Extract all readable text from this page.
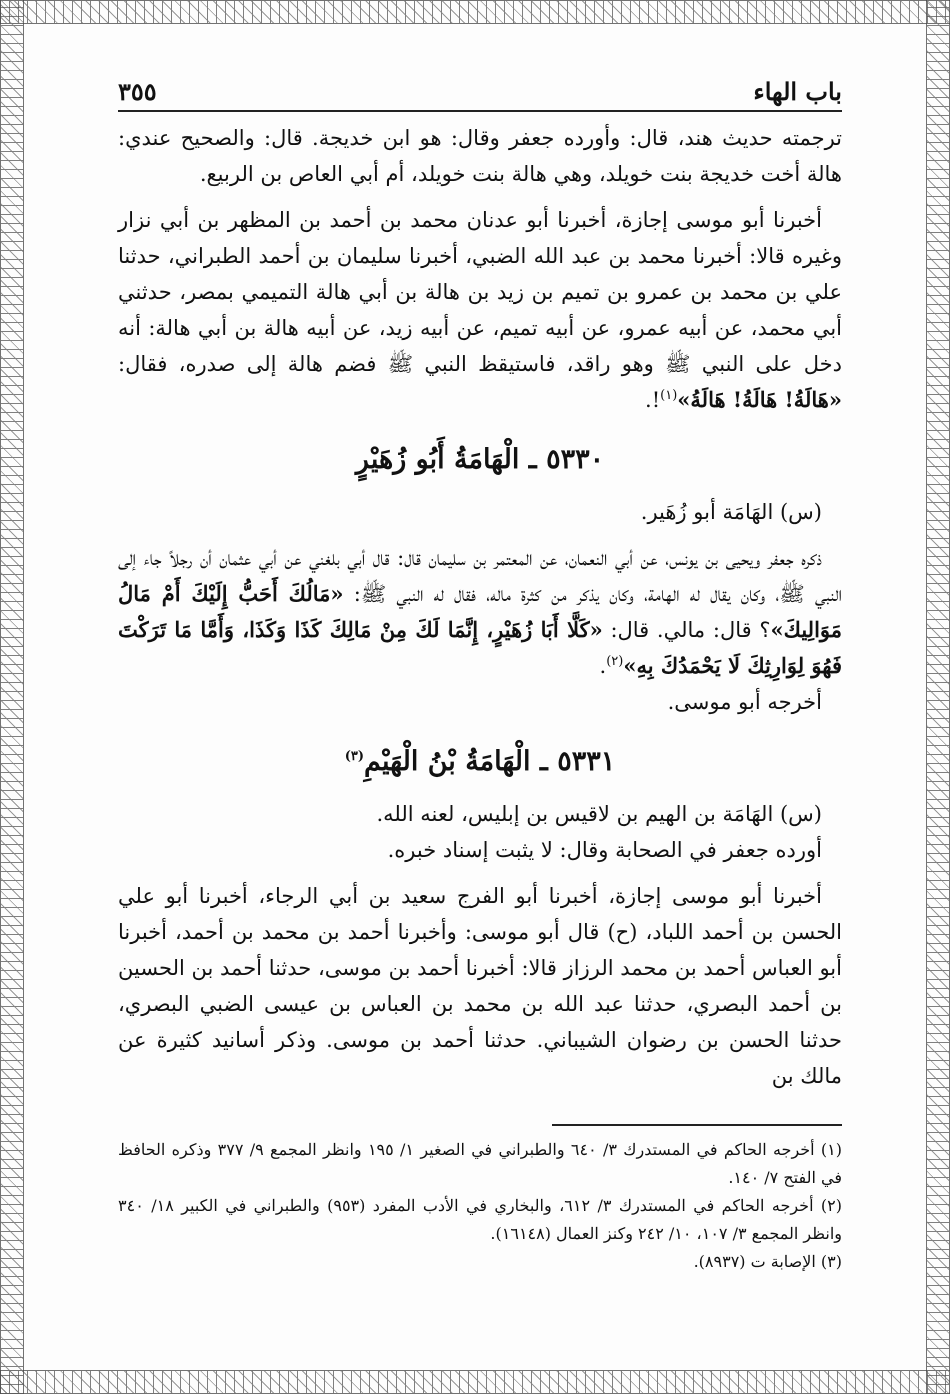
باب الهاء
٣٥٥

ترجمته حديث هند، قال: وأورده جعفر وقال: هو ابن خديجة. قال: والصحيح عندي: هالة أخت خديجة بنت خويلد، وهي هالة بنت خويلد، أم أبي العاص بن الربيع.

أخبرنا أبو موسى إجازة، أخبرنا أبو عدنان محمد بن أحمد بن المظهر بن أبي نزار وغيره قالا: أخبرنا محمد بن عبد الله الضبي، أخبرنا سليمان بن أحمد الطبراني، حدثنا علي بن محمد بن عمرو بن تميم بن زيد بن هالة بن أبي هالة التميمي بمصر، حدثني أبي محمد، عن أبيه عمرو، عن أبيه تميم، عن أبيه زيد، عن أبيه هالة بن أبي هالة: أنه دخل على النبي ﷺ وهو راقد، فاستيقظ النبي ﷺ فضم هالة إلى صدره، فقال: «هَالَةُ! هَالَةُ! هَالَةُ»$^{(١)}$!.

٥٣٣٠ ـ الْهَامَةُ أَبُو زُهَيْرٍ

(س) الهَامَة أبو زُهَير.

ذكره جعفر ويحيى بن يونس، عن أبي النعمان، عن المعتمر بن سليمان قال: قال أبي بلغني عن أبي عثمان أن رجلاً جاء إلى النبي ﷺ، وكان يقال له الهامة، وكان يذكر من كثرة ماله، فقال له النبي ﷺ: «مَالُكَ أَحَبُّ إِلَيْكَ أَمْ مَالُ مَوَالِيكَ»؟ قال: مالي. قال: «كَلَّا أَبَا زُهَيْرٍ، إِنَّمَا لَكَ مِنْ مَالِكَ كَذَا وَكَذَا، وَأَمَّا مَا تَرَكْتَ فَهُوَ لِوَارِثِكَ لَا يَحْمَدُكَ بِهِ»$^{(٢)}$.

أخرجه أبو موسى.

٥٣٣١ ـ الْهَامَةُ بْنُ الْهَيْمِ$^{(٣)}$

(س) الهَامَة بن الهيم بن لاقيس بن إبليس، لعنه الله.

أورده جعفر في الصحابة وقال: لا يثبت إسناد خبره.

أخبرنا أبو موسى إجازة، أخبرنا أبو الفرج سعيد بن أبي الرجاء، أخبرنا أبو علي الحسن بن أحمد اللباد، (ح) قال أبو موسى: وأخبرنا أحمد بن محمد بن أحمد، أخبرنا أبو العباس أحمد بن محمد الرزاز قالا: أخبرنا أحمد بن موسى، حدثنا أحمد بن الحسين بن أحمد البصري، حدثنا عبد الله بن محمد بن العباس بن عيسى الضبي البصري، حدثنا الحسن بن رضوان الشيباني. حدثنا أحمد بن موسى. وذكر أسانيد كثيرة عن مالك بن

(١) أخرجه الحاكم في المستدرك ٣/ ٦٤٠ والطبراني في الصغير ١/ ١٩٥ وانظر المجمع ٩/ ٣٧٧ وذكره الحافظ في الفتح ٧/ ١٤٠.

(٢) أخرجه الحاكم في المستدرك ٣/ ٦١٢، والبخاري في الأدب المفرد (٩٥٣) والطبراني في الكبير ١٨/ ٣٤٠ وانظر المجمع ٣/ ١٠٧، ١٠/ ٢٤٢ وكنز العمال (١٦١٤٨).

(٣) الإصابة ت (٨٩٣٧).
